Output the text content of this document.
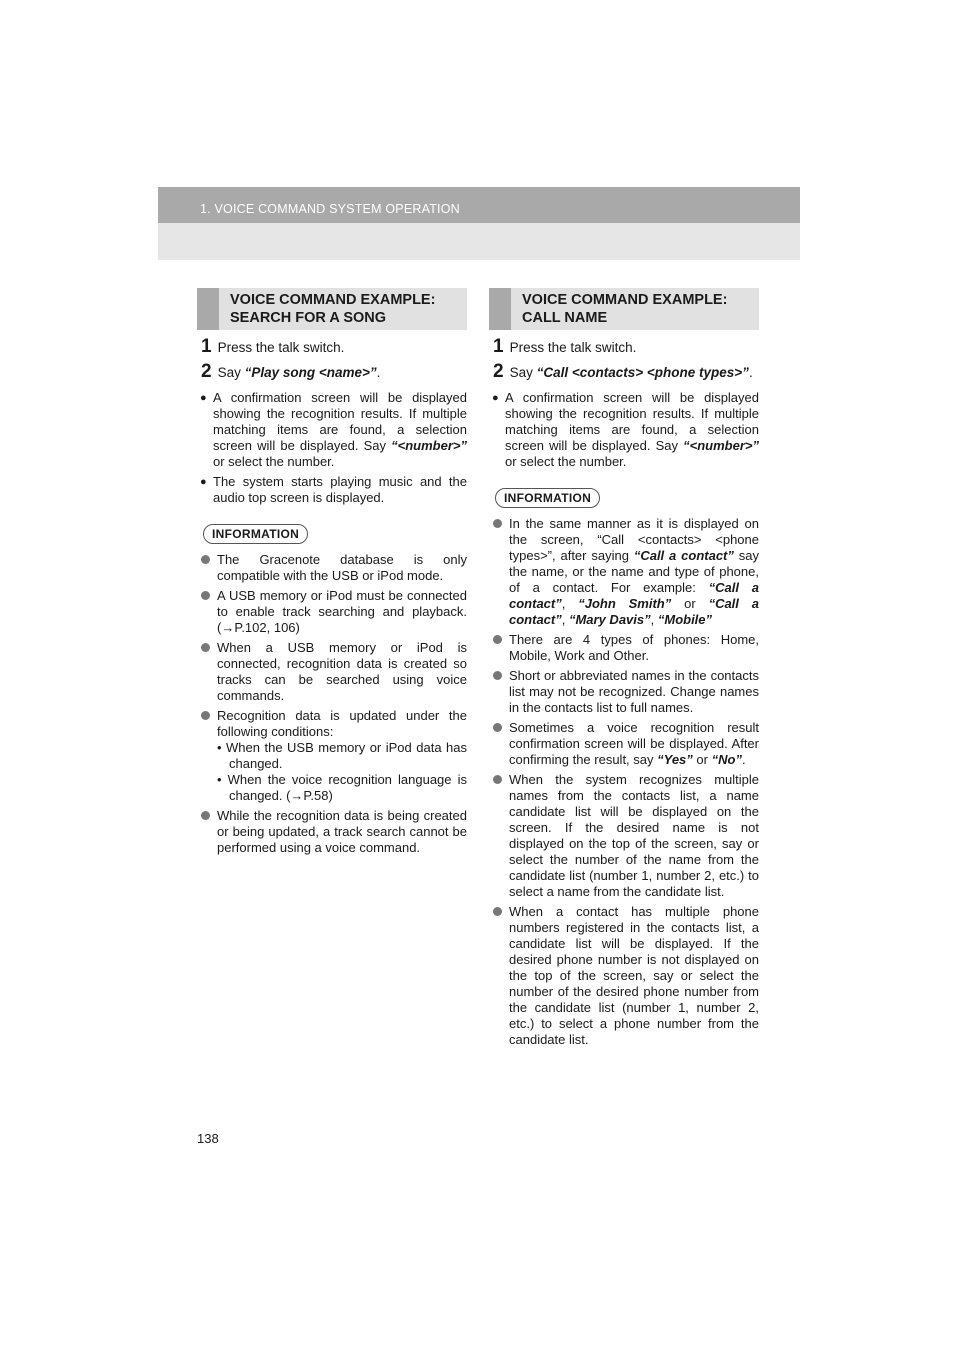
1. VOICE COMMAND SYSTEM OPERATION
VOICE COMMAND EXAMPLE:
SEARCH FOR A SONG
1 Press the talk switch.
2 Say “Play song <name>”.
● A confirmation screen will be displayed showing the recognition results. If multiple matching items are found, a selection screen will be displayed. Say “<number>” or select the number.
● The system starts playing music and the audio top screen is displayed.
INFORMATION
The Gracenote database is only compatible with the USB or iPod mode.
A USB memory or iPod must be connected to enable track searching and playback. (→P.102, 106)
When a USB memory or iPod is connected, recognition data is created so tracks can be searched using voice commands.
Recognition data is updated under the following conditions:
• When the USB memory or iPod data has changed.
• When the voice recognition language is changed. (→P.58)
While the recognition data is being created or being updated, a track search cannot be performed using a voice command.
VOICE COMMAND EXAMPLE:
CALL NAME
1 Press the talk switch.
2 Say “Call <contacts> <phone types>”.
● A confirmation screen will be displayed showing the recognition results. If multiple matching items are found, a selection screen will be displayed. Say “<number>” or select the number.
INFORMATION
In the same manner as it is displayed on the screen, “Call <contacts> <phone types>”, after saying “Call a contact” say the name, or the name and type of phone, of a contact. For example: “Call a contact”, “John Smith” or “Call a contact”, “Mary Davis”, “Mobile”
There are 4 types of phones: Home, Mobile, Work and Other.
Short or abbreviated names in the contacts list may not be recognized. Change names in the contacts list to full names.
Sometimes a voice recognition result confirmation screen will be displayed. After confirming the result, say “Yes” or “No”.
When the system recognizes multiple names from the contacts list, a name candidate list will be displayed on the screen. If the desired name is not displayed on the top of the screen, say or select the number of the name from the candidate list (number 1, number 2, etc.) to select a name from the candidate list.
When a contact has multiple phone numbers registered in the contacts list, a candidate list will be displayed. If the desired phone number is not displayed on the top of the screen, say or select the number of the desired phone number from the candidate list (number 1, number 2, etc.) to select a phone number from the candidate list.
138
